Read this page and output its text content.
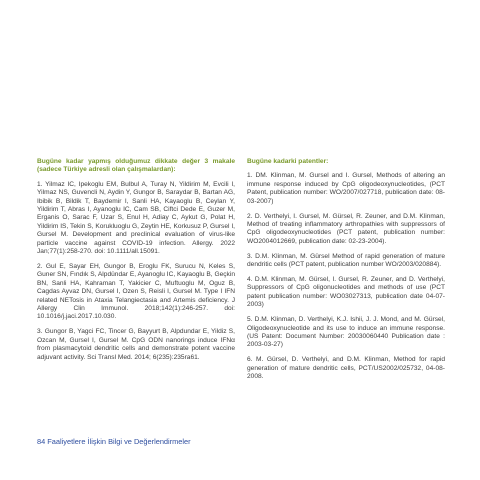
Bugüne kadar yapmış olduğumuz dikkate değer 3 makale (sadece Türkiye adresli olan çalışmalardan):

1. Yilmaz IC, Ipekoglu EM, Bulbul A, Turay N, Yildirim M, Evcili I, Yilmaz NS, Guvencli N, Aydin Y, Gungor B, Saraydar B, Bartan AG, Ibibik B, Bildik T, Baydemir I, Sanli HA, Kayaoglu B, Ceylan Y, Yildirim T, Abras I, Ayanoglu IC, Cam SB, Ciftci Dede E, Guzer M, Erganis O, Sarac F, Uzar S, Enul H, Adiay C, Aykut G, Polat H, Yildirim IS, Tekin S, Korukluoglu G, Zeytin HE, Korkusuz P, Gursel I, Gursel M. Development and preclinical evaluation of virus-like particle vaccine against COVID-19 infection. Allergy. 2022 Jan;77(1):258-270. doi: 10.1111/all.15091.

2. Gul E, Sayar EH, Gungor B, Eroglu FK, Surucu N, Keles S, Guner SN, Fındık S, Alpdündar E, Ayanoglu IC, Kayaoglu B, Geçkin BN, Sanli HA, Kahraman T, Yakicier C, Muftuoglu M, Oguz B, Cagdas Ayvaz DN, Gursel I, Ozen S, Reisli I, Gursel M. Type I IFN related NETosis in Ataxia Telangiectasia and Artemis deficiency. J Allergy Clin Immunol. 2018;142(1):246-257. doi: 10.1016/j.jaci.2017.10.030.

3. Gungor B, Yagci FC, Tincer G, Bayyurt B, Alpdundar E, Yildiz S, Ozcan M, Gursel I, Gursel M. CpG ODN nanorings induce IFNα from plasmacytoid dendritic cells and demonstrate potent vaccine adjuvant activity. Sci Transl Med. 2014; 6(235):235ra61.

Bugüne kadarki patentler:

1. DM. Klinman, M. Gursel and I. Gursel, Methods of altering an immune response induced by CpG oligodeoxynucleotides, (PCT Patent, publication number: WO/2007/027718, publication date: 08-03-2007)

2. D. Verthelyi, I. Gursel, M. Gürsel, R. Zeuner, and D.M. Klinman, Method of treating inflammatory arthropathies with suppressors of CpG oligodeoxynucleotides (PCT patent, publication number: WO2004012669, publication date: 02-23-2004).

3. D.M. Klinman, M. Gürsel Method of rapid generation of mature dendritic cells (PCT patent, publication number WO/2003/020884).

4. D.M. Klinman, M. Gürsel, I. Gursel, R. Zeuner, and D. Verthelyi, Suppressors of CpG oligonucleotides and methods of use (PCT patent publication number: WO03027313, publication date 04-07-2003)

5. D.M. Klinman, D. Verthelyi, K.J. Ishii, J. J. Mond, and M. Gürsel, Oligodeoxynucleotide and its use to induce an immune response. (US Patent: Document Number: 20030060440 Publication date : 2003-03-27)

6. M. Gürsel, D. Verthelyi, and D.M. Klinman, Method for rapid generation of mature dendritic cells, PCT/US2002/025732, 04-08-2008.

84 Faaliyetlere İlişkin Bilgi ve Değerlendirmeler
